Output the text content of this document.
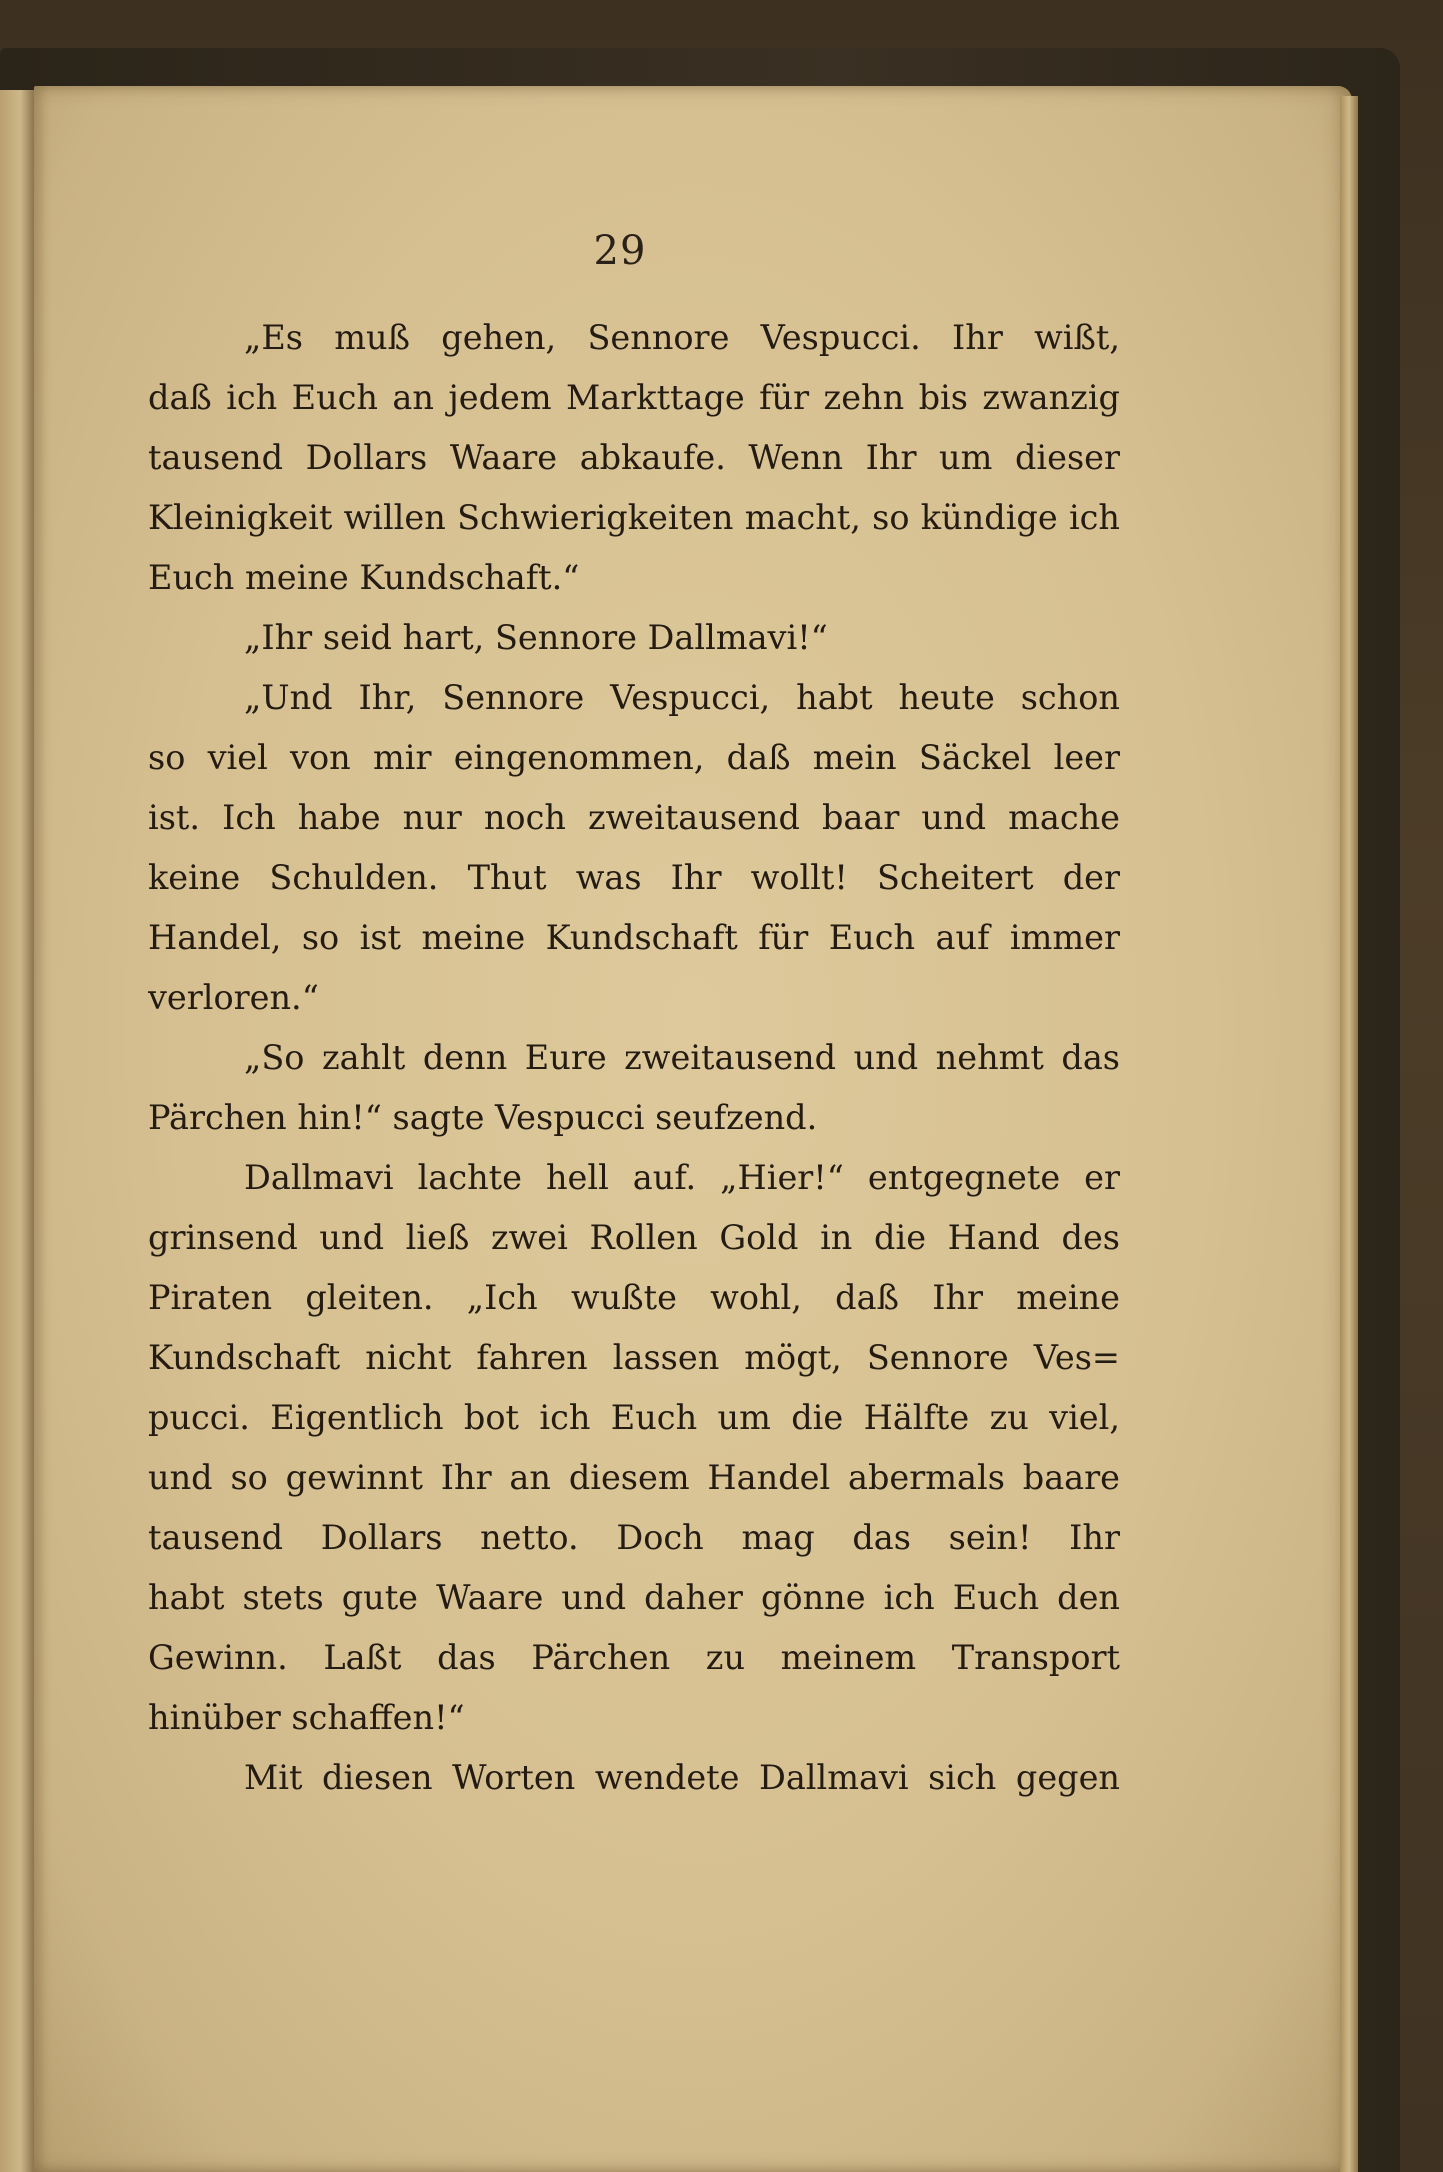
29
„Es muß gehen, Sennore Vespucci. Ihr wißt,
daß ich Euch an jedem Markttage für zehn bis zwanzig
tausend Dollars Waare abkaufe. Wenn Ihr um dieser
Kleinigkeit willen Schwierigkeiten macht, so kündige ich
Euch meine Kundschaft.“
„Ihr seid hart, Sennore Dallmavi!“
„Und Ihr, Sennore Vespucci, habt heute schon
so viel von mir eingenommen, daß mein Säckel leer
ist. Ich habe nur noch zweitausend baar und mache
keine Schulden. Thut was Ihr wollt! Scheitert der
Handel, so ist meine Kundschaft für Euch auf immer
verloren.“
„So zahlt denn Eure zweitausend und nehmt das
Pärchen hin!“ sagte Vespucci seufzend.
Dallmavi lachte hell auf. „Hier!“ entgegnete er
grinsend und ließ zwei Rollen Gold in die Hand des
Piraten gleiten. „Ich wußte wohl, daß Ihr meine
Kundschaft nicht fahren lassen mögt, Sennore Ves=
pucci. Eigentlich bot ich Euch um die Hälfte zu viel,
und so gewinnt Ihr an diesem Handel abermals baare
tausend Dollars netto. Doch mag das sein! Ihr
habt stets gute Waare und daher gönne ich Euch den
Gewinn. Laßt das Pärchen zu meinem Transport
hinüber schaffen!“
Mit diesen Worten wendete Dallmavi sich gegen
